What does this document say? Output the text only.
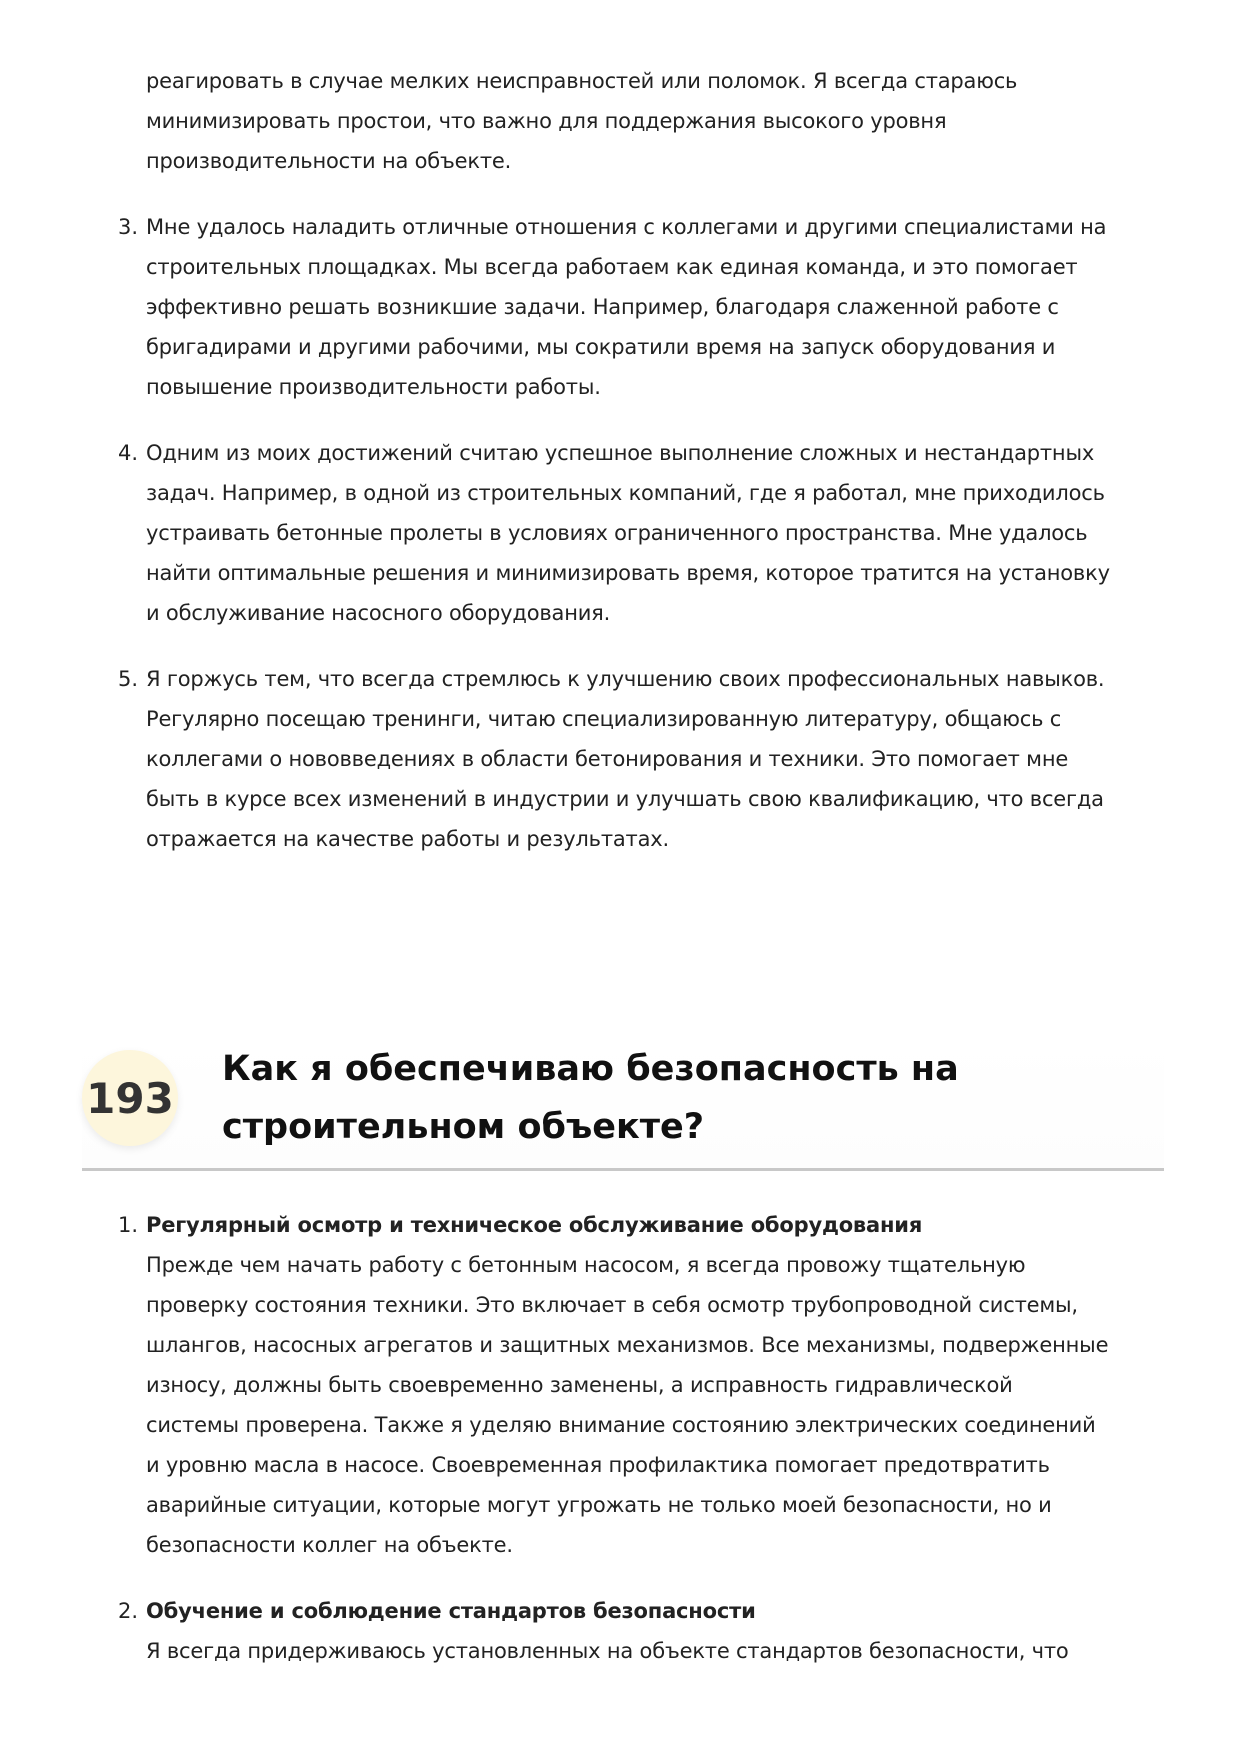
реагировать в случае мелких неисправностей или поломок. Я всегда стараюсь
минимизировать простои, что важно для поддержания высокого уровня
производительности на объекте.
3. Мне удалось наладить отличные отношения с коллегами и другими специалистами на
строительных площадках. Мы всегда работаем как единая команда, и это помогает
эффективно решать возникшие задачи. Например, благодаря слаженной работе с
бригадирами и другими рабочими, мы сократили время на запуск оборудования и
повышение производительности работы.
4. Одним из моих достижений считаю успешное выполнение сложных и нестандартных
задач. Например, в одной из строительных компаний, где я работал, мне приходилось
устраивать бетонные пролеты в условиях ограниченного пространства. Мне удалось
найти оптимальные решения и минимизировать время, которое тратится на установку
и обслуживание насосного оборудования.
5. Я горжусь тем, что всегда стремлюсь к улучшению своих профессиональных навыков.
Регулярно посещаю тренинги, читаю специализированную литературу, общаюсь с
коллегами о нововведениях в области бетонирования и техники. Это помогает мне
быть в курсе всех изменений в индустрии и улучшать свою квалификацию, что всегда
отражается на качестве работы и результатах.
193
Как я обеспечиваю безопасность на
строительном объекте?
1. Регулярный осмотр и техническое обслуживание оборудования
Прежде чем начать работу с бетонным насосом, я всегда провожу тщательную
проверку состояния техники. Это включает в себя осмотр трубопроводной системы,
шлангов, насосных агрегатов и защитных механизмов. Все механизмы, подверженные
износу, должны быть своевременно заменены, а исправность гидравлической
системы проверена. Также я уделяю внимание состоянию электрических соединений
и уровню масла в насосе. Своевременная профилактика помогает предотвратить
аварийные ситуации, которые могут угрожать не только моей безопасности, но и
безопасности коллег на объекте.
2. Обучение и соблюдение стандартов безопасности
Я всегда придерживаюсь установленных на объекте стандартов безопасности, что
